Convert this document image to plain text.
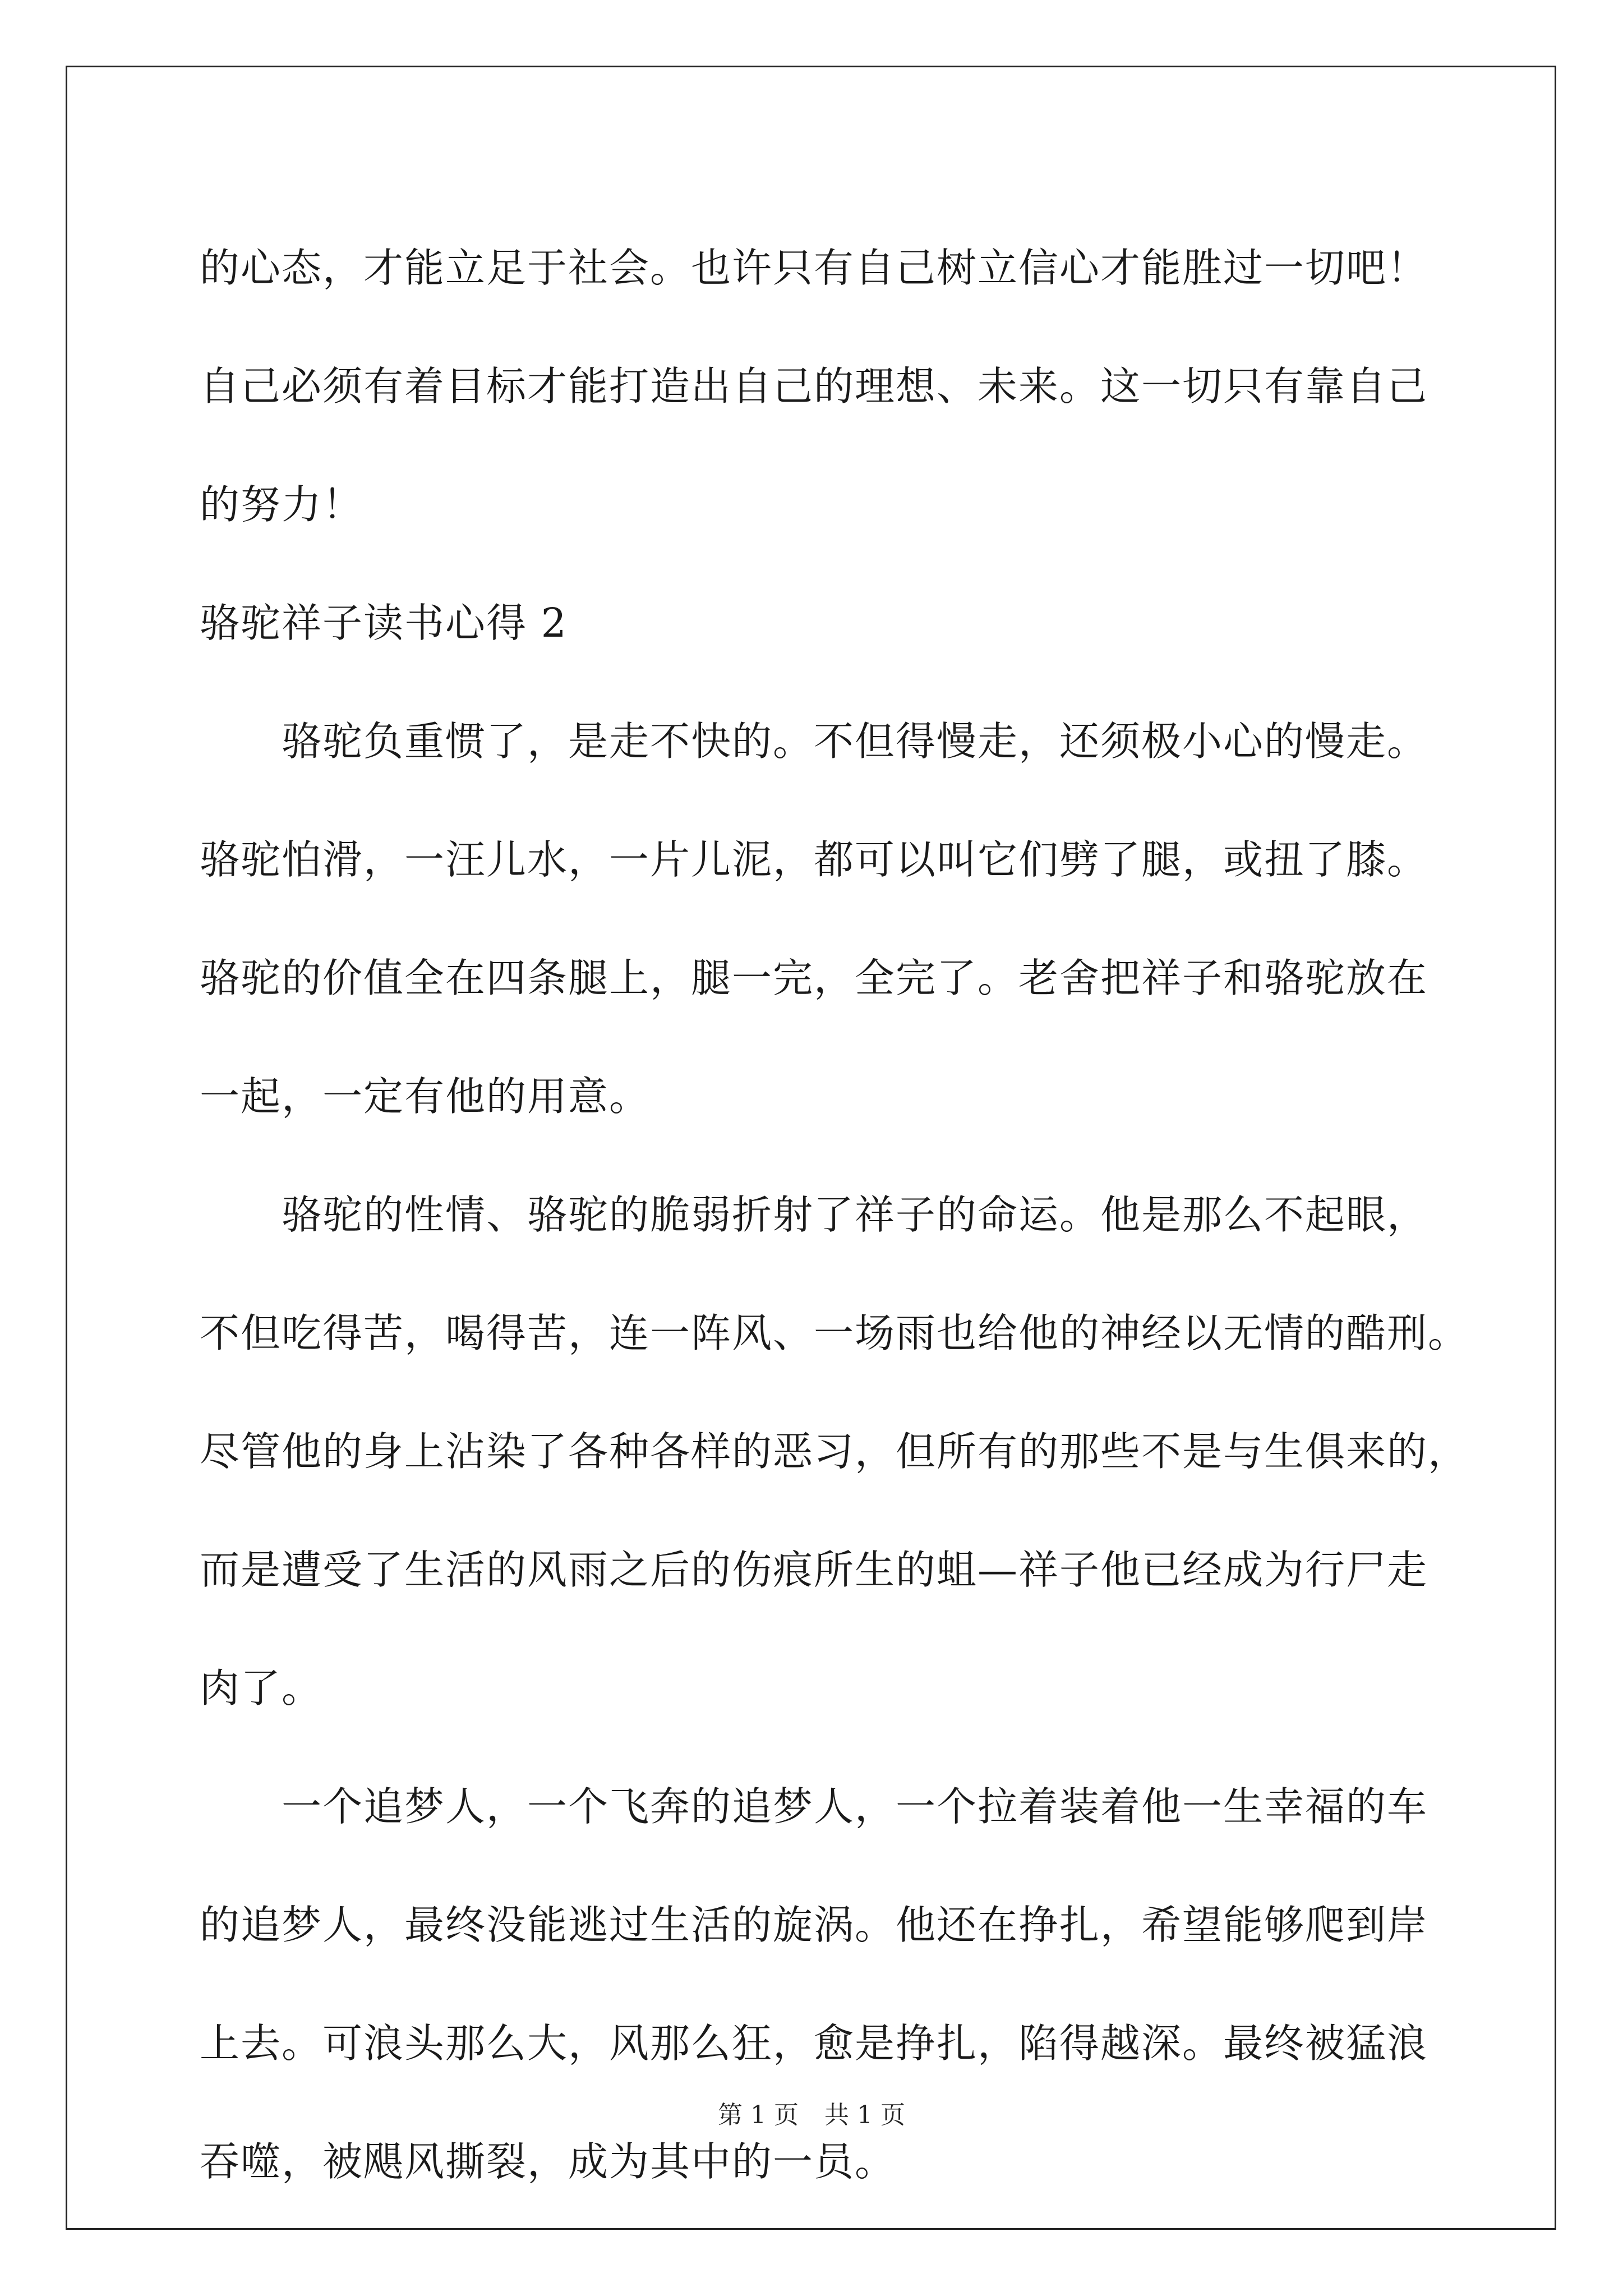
的心态，才能立足于社会。也许只有自己树立信心才能胜过一切吧！
自己必须有着目标才能打造出自己的理想、未来。这一切只有靠自己
的努力！
骆驼祥子读书心得 2
骆驼负重惯了，是走不快的。不但得慢走，还须极小心的慢走。
骆驼怕滑，一汪儿水，一片儿泥，都可以叫它们劈了腿，或扭了膝。
骆驼的价值全在四条腿上，腿一完，全完了。老舍把祥子和骆驼放在
一起，一定有他的用意。
骆驼的性情、骆驼的脆弱折射了祥子的命运。他是那么不起眼，
不但吃得苦，喝得苦，连一阵风、一场雨也给他的神经以无情的酷刑。
尽管他的身上沾染了各种各样的恶习，但所有的那些不是与生俱来的，
而是遭受了生活的风雨之后的伤痕所生的蛆—祥子他已经成为行尸走
肉了。
一个追梦人，一个飞奔的追梦人，一个拉着装着他一生幸福的车
的追梦人，最终没能逃过生活的旋涡。他还在挣扎，希望能够爬到岸
上去。可浪头那么大，风那么狂，愈是挣扎，陷得越深。最终被猛浪
吞噬，被飓风撕裂，成为其中的一员。
第 1 页 共 1 页
